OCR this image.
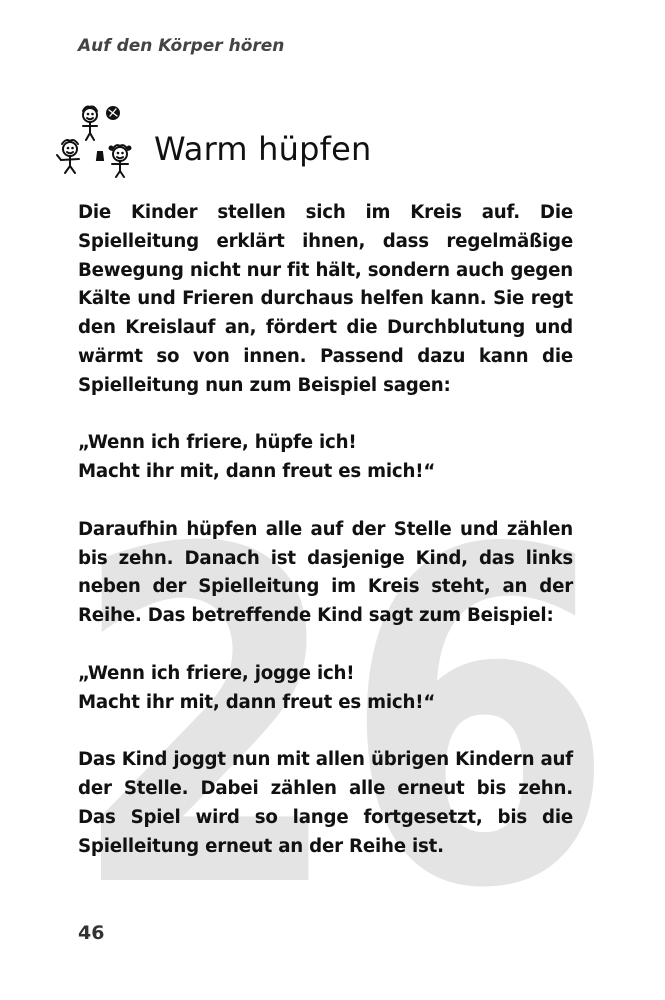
26
Auf den Körper hören
Warm hüpfen

Die Kinder stellen sich im Kreis auf. Die Spielleitung erklärt ihnen, dass regelmäßige Bewegung nicht nur fit hält, sondern auch gegen Kälte und Frieren durchaus helfen kann. Sie regt den Kreislauf an, fördert die Durchblutung und wärmt so von innen. Passend dazu kann die Spielleitung nun zum Beispiel sagen:

„Wenn ich friere, hüpfe ich!
Macht ihr mit, dann freut es mich!“

Daraufhin hüpfen alle auf der Stelle und zählen bis zehn. Danach ist dasjenige Kind, das links neben der Spielleitung im Kreis steht, an der Reihe. Das betreffende Kind sagt zum Beispiel:

„Wenn ich friere, jogge ich!
Macht ihr mit, dann freut es mich!“

Das Kind joggt nun mit allen übrigen Kindern auf der Stelle. Dabei zählen alle erneut bis zehn. Das Spiel wird so lange fortgesetzt, bis die Spielleitung erneut an der Reihe ist.

46
